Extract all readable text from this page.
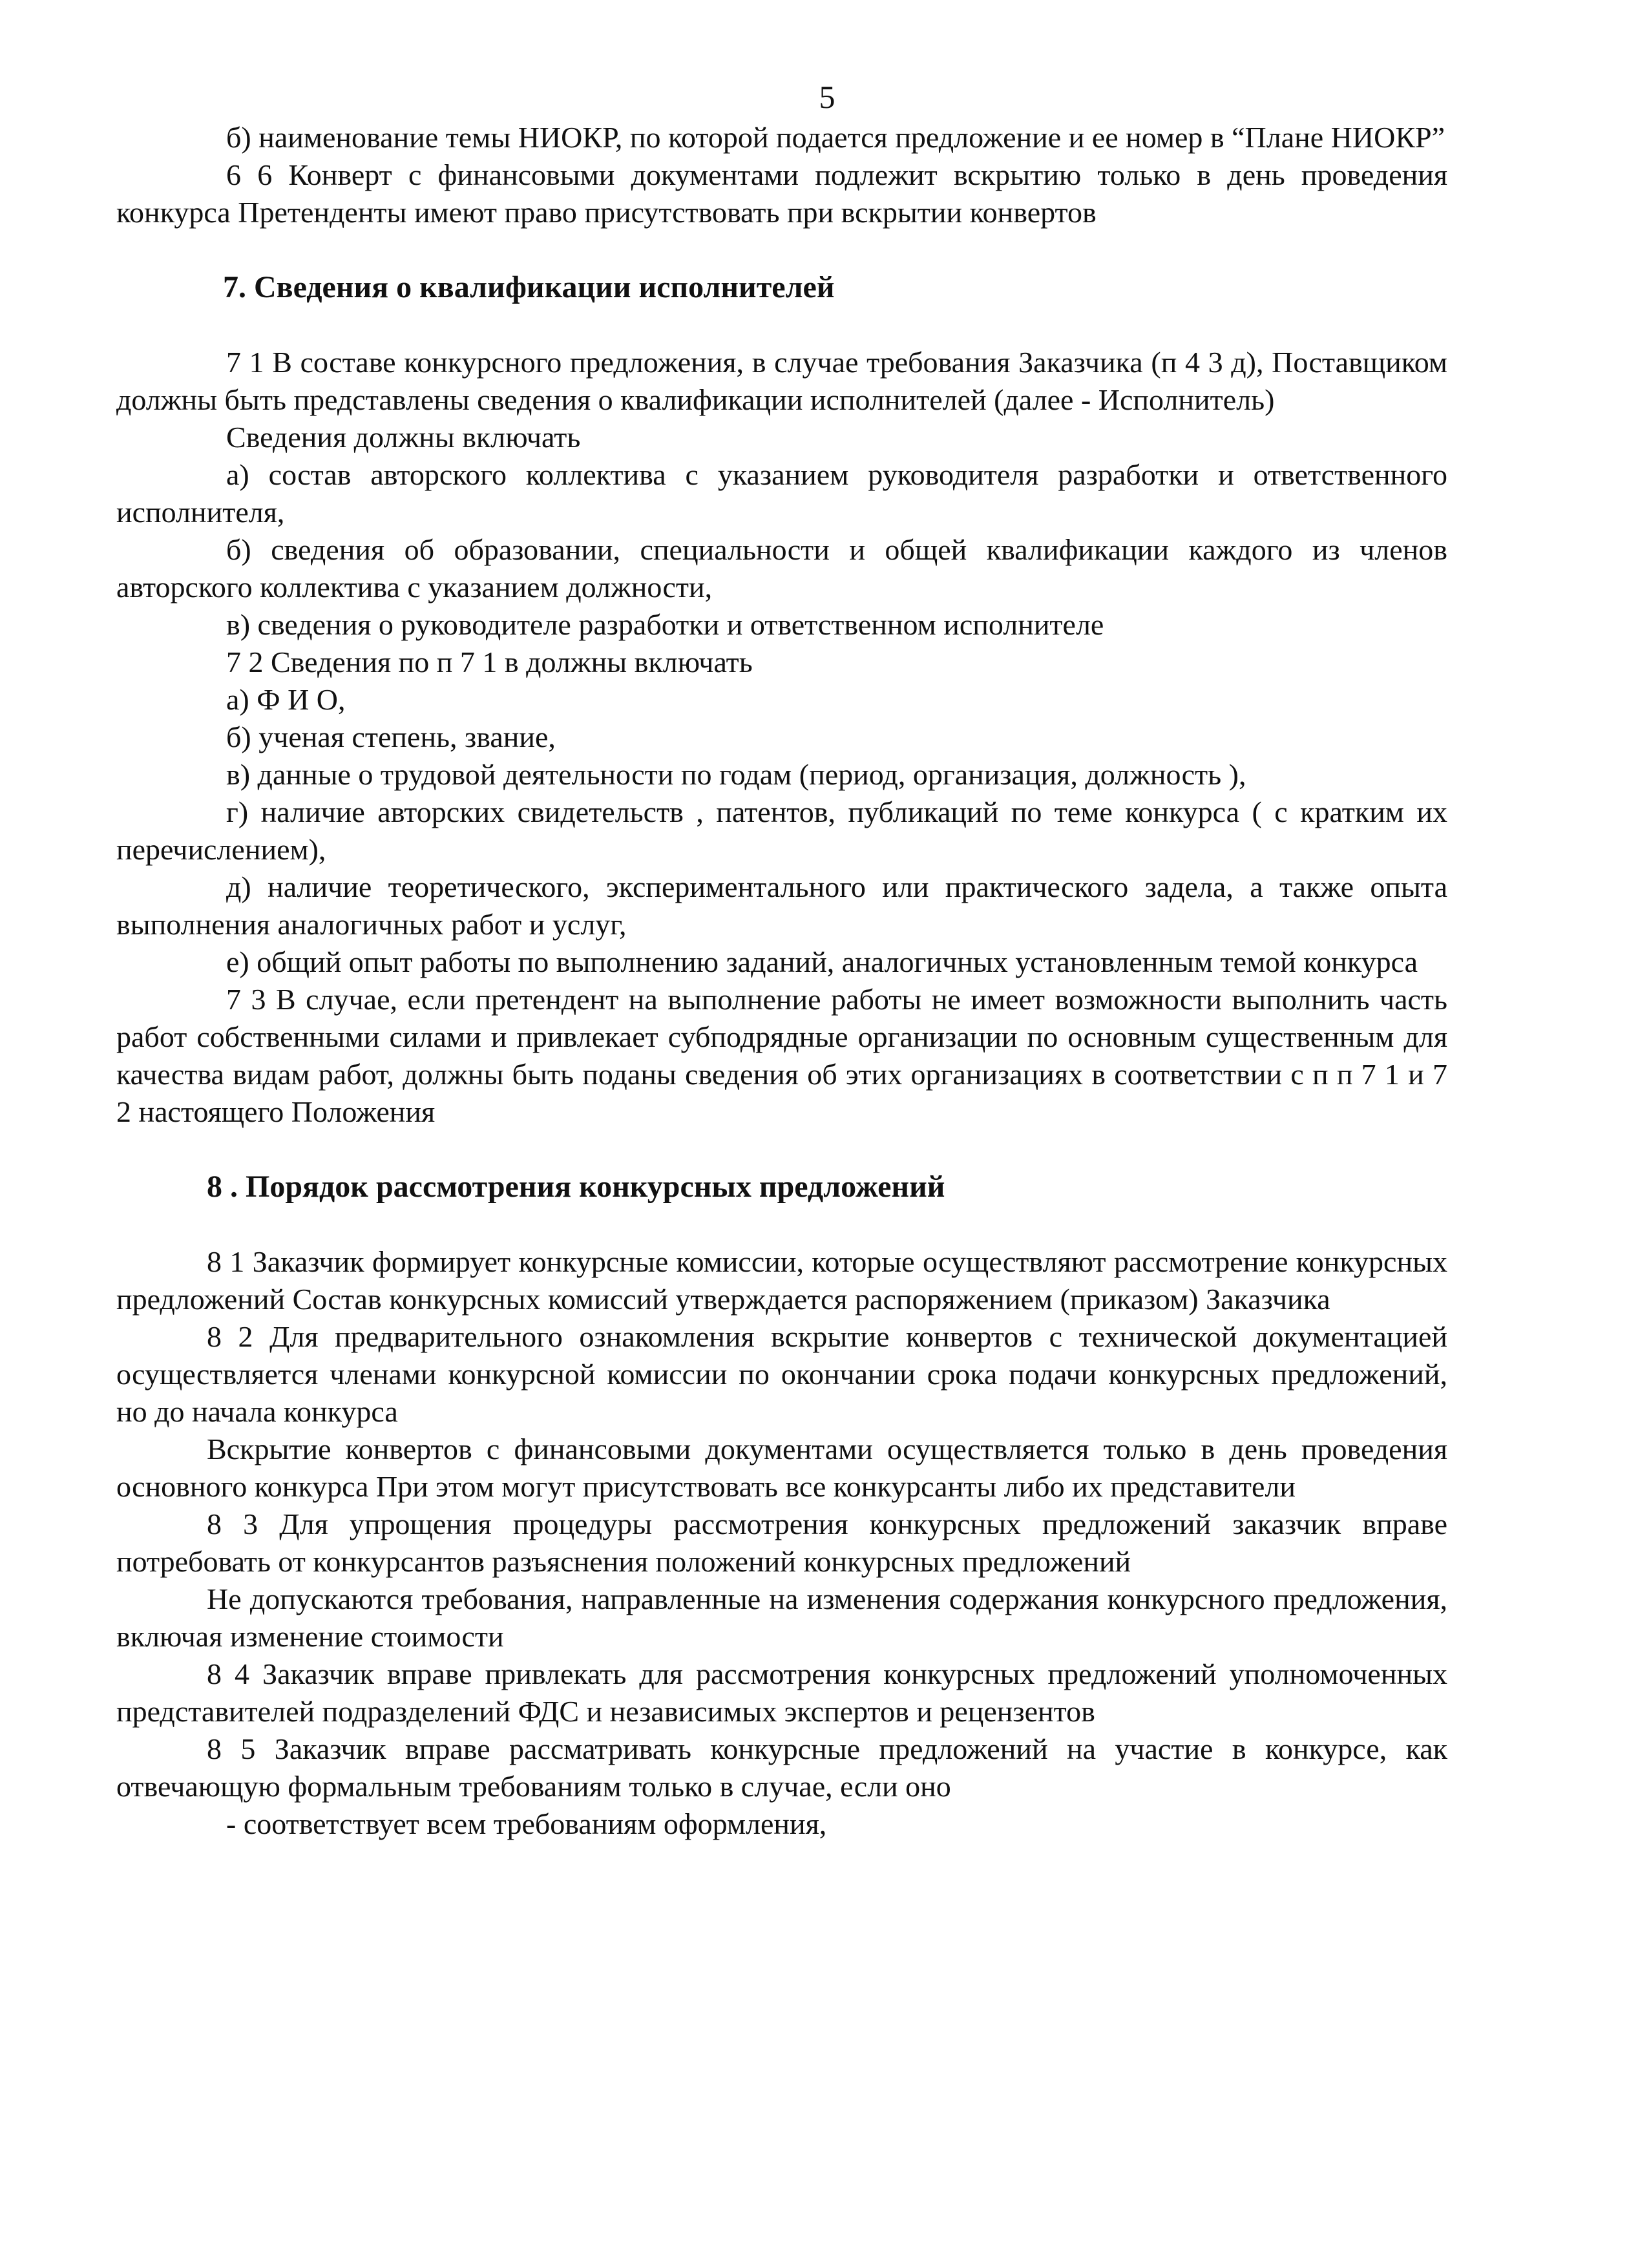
5

б) наименование темы НИОКР, по которой подается предложение и ее номер в “Плане НИОКР”

6 6 Конверт с финансовыми документами подлежит вскрытию только в день проведения конкурса Претенденты имеют право присутствовать при вскрытии конвертов

7. Сведения о квалификации исполнителей

7 1 В составе конкурсного предложения, в случае требования Заказчика (п 4 3 д), Поставщиком должны быть представлены сведения о квалификации исполнителей (далее - Исполнитель)

Сведения должны включать

а) состав авторского коллектива с указанием руководителя разработки и ответственного исполнителя,

б) сведения об образовании, специальности и общей квалификации каждого из членов авторского коллектива с указанием должности,

в) сведения о руководителе разработки и ответственном исполнителе

7 2 Сведения по п 7 1 в должны включать

а) Ф И О,

б) ученая степень, звание,

в) данные о трудовой деятельности по годам (период, организация, должность ),

г) наличие авторских свидетельств , патентов, публикаций по теме конкурса ( с кратким их перечислением),

д) наличие теоретического, экспериментального или практического задела, а также опыта выполнения аналогичных работ и услуг,

е) общий опыт работы по выполнению заданий, аналогичных установленным темой конкурса

7 3 В случае, если претендент на выполнение работы не имеет возможности выполнить часть работ собственными силами и привлекает субподрядные организации по основным существенным для качества видам работ, должны быть поданы сведения об этих организациях в соответствии с п п 7 1 и 7 2 настоящего Положения

8 . Порядок рассмотрения конкурсных предложений

8 1 Заказчик формирует конкурсные комиссии, которые осуществляют рассмотрение конкурсных предложений Состав конкурсных комиссий утверждается распоряжением (приказом) Заказчика

8 2 Для предварительного ознакомления вскрытие конвертов с технической документацией осуществляется членами конкурсной комиссии по окончании срока подачи конкурсных предложений, но до начала конкурса

Вскрытие конвертов с финансовыми документами осуществляется только в день проведения основного конкурса При этом могут присутствовать все конкурсанты либо их представители

8 3 Для упрощения процедуры рассмотрения конкурсных предложений заказчик вправе потребовать от конкурсантов разъяснения положений конкурсных предложений

Не допускаются требования, направленные на изменения содержания конкурсного предложения, включая изменение стоимости

8 4 Заказчик вправе привлекать для рассмотрения конкурсных предложений уполномоченных представителей подразделений ФДС и независимых экспертов и рецензентов

8 5 Заказчик вправе рассматривать конкурсные предложений на участие в конкурсе, как отвечающую формальным требованиям только в случае, если оно

- соответствует всем требованиям оформления,
